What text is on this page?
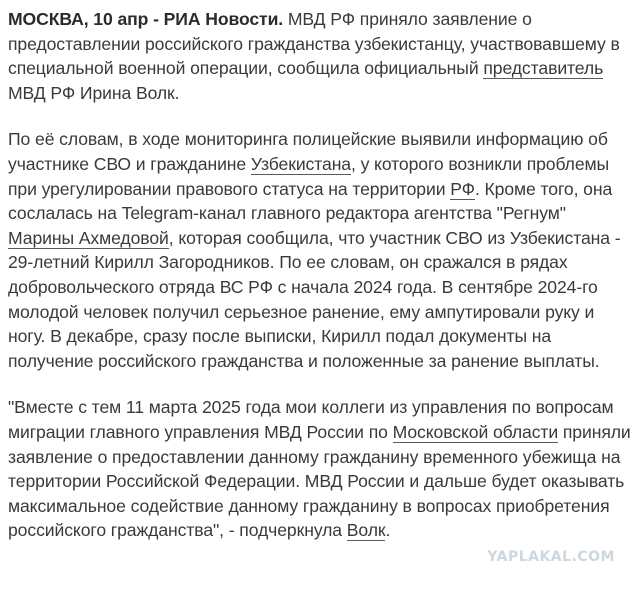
МОСКВА, 10 апр - РИА Новости. МВД РФ приняло заявление о предоставлении российского гражданства узбекистанцу, участвовавшему в специальной военной операции, сообщила официальный представитель МВД РФ Ирина Волк.

По её словам, в ходе мониторинга полицейские выявили информацию об участнике СВО и гражданине Узбекистана, у которого возникли проблемы при урегулировании правового статуса на территории РФ. Кроме того, она сослалась на Telegram-канал главного редактора агентства "Регнум" Марины Ахмедовой, которая сообщила, что участник СВО из Узбекистана - 29-летний Кирилл Загородников. По ее словам, он сражался в рядах добровольческого отряда ВС РФ с начала 2024 года. В сентябре 2024-го молодой человек получил серьезное ранение, ему ампутировали руку и ногу. В декабре, сразу после выписки, Кирилл подал документы на получение российского гражданства и положенные за ранение выплаты.

"Вместе с тем 11 марта 2025 года мои коллеги из управления по вопросам миграции главного управления МВД России по Московской области приняли заявление о предоставлении данному гражданину временного убежища на территории Российской Федерации. МВД России и дальше будет оказывать максимальное содействие данному гражданину в вопросах приобретения российского гражданства", - подчеркнула Волк.

YAPLAKAL.COM
